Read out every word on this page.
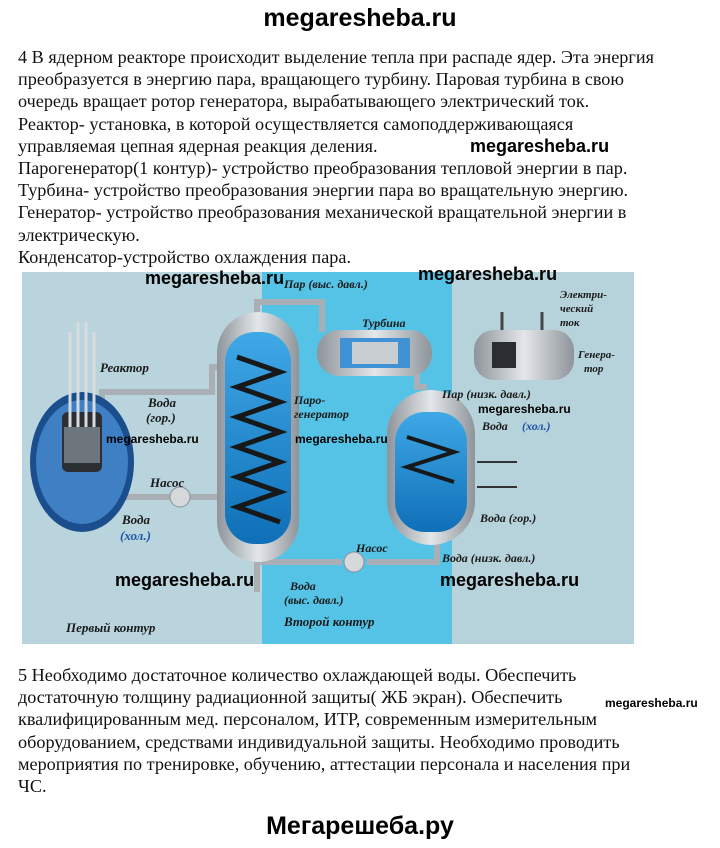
megaresheba.ru
4 В ядерном реакторе происходит выделение тепла при распаде ядер. Эта энергия
преобразуется в энергию пара, вращающего турбину. Паровая турбина в свою
очередь вращает ротор генератора, вырабатывающего электрический ток.
Реактор- установка, в которой осуществляется самоподдерживающаяся
управляемая цепная ядерная реакция деления.
Парогенератор(1 контур)- устройство преобразования тепловой энергии в пар.
Турбина- устройство преобразования энергии пара во вращательную энергию.
Генератор- устройство преобразования механической вращательной энергии в
электрическую.
Конденсатор-устройство охлаждения пара.
Реактор
Вода
(гор.)
Насос
Вода
(хол.)
Паро-
генератор
Пар (выс. давл.)
Турбина
Электри-
ческий
ток
Генера-
тор
Пар (низк. давл.)
Вода (хол.)
Вода (гор.)
Вода (низк. давл.)
Насос
Вода
(выс. давл.)
Первый контур	Второй контур
megaresheba.ru
megaresheba.ru	megaresheba.ru
megaresheba.ru
megaresheba.ru	megaresheba.ru
megaresheba.ru	megaresheba.ru
megaresheba.ru
5 Необходимо достаточное количество охлаждающей воды. Обеспечить
достаточную толщину радиационной защиты( ЖБ экран). Обеспечить
квалифицированным мед. персоналом, ИТР, современным измерительным
оборудованием, средствами индивидуальной защиты. Необходимо проводить
мероприятия по тренировке, обучению, аттестации персонала и населения при
ЧС.
Мегарешеба.ру
